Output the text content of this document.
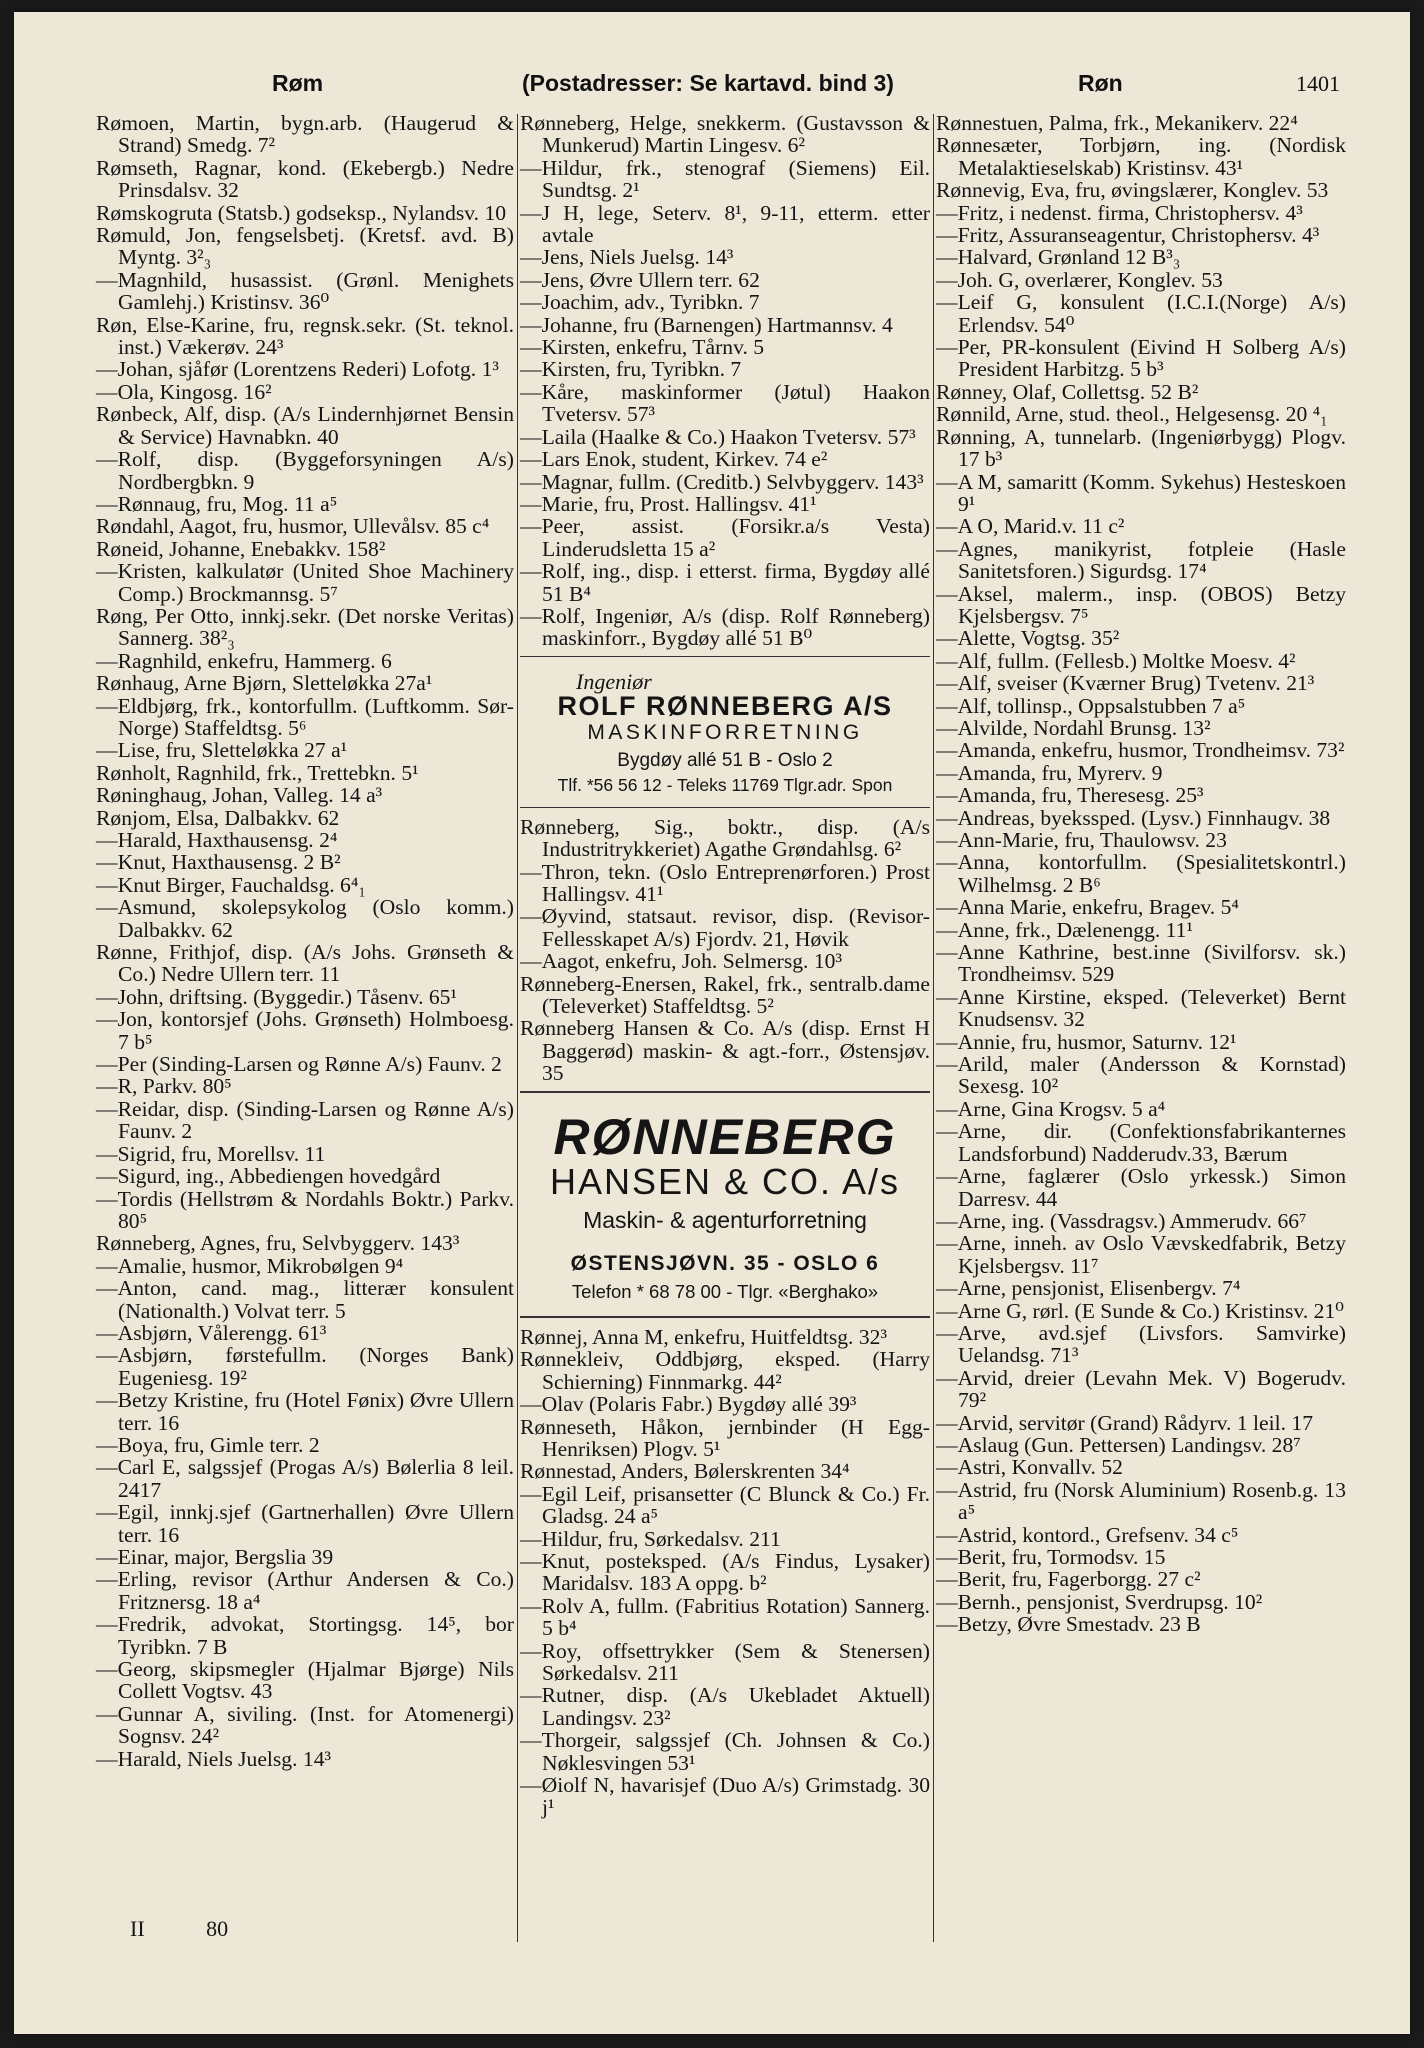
Røm	(Postadresser: Se kartavd. bind 3)	Røn	1401
Rømoen, Martin, bygn.arb. (Haugerud & Strand) Smedg. 7²
Rømseth, Ragnar, kond. (Ekebergb.) Nedre Prinsdalsv. 32
Rømskogruta (Statsb.) godseksp., Nylandsv. 10
Rømuld, Jon, fengselsbetj. (Kretsf. avd. B) Myntg. 3²₃
—Magnhild, husassist. (Grønl. Menighets Gamlehj.) Kristinsv. 36⁰
Røn, Else-Karine, fru, regnsk.sekr. (St. teknol. inst.) Vækerøv. 24³
—Johan, sjåfør (Lorentzens Rederi) Lofotg. 1³
—Ola, Kingosg. 16²
Rønbeck, Alf, disp. (A/s Lindernhjørnet Bensin & Service) Havnabkn. 40
—Rolf, disp. (Byggeforsyningen A/s) Nordbergbkn. 9
—Rønnaug, fru, Mog. 11 a⁵
Røndahl, Aagot, fru, husmor, Ullevålsv. 85 c⁴
Røneid, Johanne, Enebakkv. 158²
—Kristen, kalkulatør (United Shoe Machinery Comp.) Brockmannsg. 5⁷
Røng, Per Otto, innkj.sekr. (Det norske Veritas) Sannerg. 38²₃
—Ragnhild, enkefru, Hammerg. 6
Rønhaug, Arne Bjørn, Sletteløkka 27a¹
—Eldbjørg, frk., kontorfullm. (Luftkomm. Sør-Norge) Staffeldtsg. 5⁶
—Lise, fru, Sletteløkka 27 a¹
Rønholt, Ragnhild, frk., Trettebkn. 5¹
Røninghaug, Johan, Valleg. 14 a³
Rønjom, Elsa, Dalbakkv. 62
—Harald, Haxthausensg. 2⁴
—Knut, Haxthausensg. 2 B²
—Knut Birger, Fauchaldsg. 6⁴₁
—Asmund, skolepsykolog (Oslo komm.) Dalbakkv. 62
Rønne, Frithjof, disp. (A/s Johs. Grønseth & Co.) Nedre Ullern terr. 11
—John, driftsing. (Byggedir.) Tåsenv. 65¹
—Jon, kontorsjef (Johs. Grønseth) Holmboesg. 7 b⁵
—Per (Sinding-Larsen og Rønne A/s) Faunv. 2
—R, Parkv. 80⁵
—Reidar, disp. (Sinding-Larsen og Rønne A/s) Faunv. 2
—Sigrid, fru, Morellsv. 11
—Sigurd, ing., Abbediengen hovedgård
—Tordis (Hellstrøm & Nordahls Boktr.) Parkv. 80⁵
Rønneberg, Agnes, fru, Selvbyggerv. 143³
—Amalie, husmor, Mikrobølgen 9⁴
—Anton, cand. mag., litterær konsulent (Nationalth.) Volvat terr. 5
—Asbjørn, Vålerengg. 61³
—Asbjørn, førstefullm. (Norges Bank) Eugeniesg. 19²
—Betzy Kristine, fru (Hotel Fønix) Øvre Ullern terr. 16
—Boya, fru, Gimle terr. 2
—Carl E, salgssjef (Progas A/s) Bølerlia 8 leil. 2417
—Egil, innkj.sjef (Gartnerhallen) Øvre Ullern terr. 16
—Einar, major, Bergslia 39
—Erling, revisor (Arthur Andersen & Co.) Fritznersg. 18 a⁴
—Fredrik, advokat, Stortingsg. 14⁵, bor Tyribkn. 7 B
—Georg, skipsmegler (Hjalmar Bjørge) Nils Collett Vogtsv. 43
—Gunnar A, siviling. (Inst. for Atomenergi) Sognsv. 24²
—Harald, Niels Juelsg. 14³
II	80
Rønneberg, Helge, snekkerm. (Gustavsson & Munkerud) Martin Lingesv. 6²
—Hildur, frk., stenograf (Siemens) Eil. Sundtsg. 2¹
—J H, lege, Seterv. 8¹, 9-11, etterm. etter avtale
—Jens, Niels Juelsg. 14³
—Jens, Øvre Ullern terr. 62
—Joachim, adv., Tyribkn. 7
—Johanne, fru (Barnengen) Hartmannsv. 4
—Kirsten, enkefru, Tårnv. 5
—Kirsten, fru, Tyribkn. 7
—Kåre, maskinformer (Jøtul) Haakon Tvetersv. 57³
—Laila (Haalke & Co.) Haakon Tvetersv. 57³
—Lars Enok, student, Kirkev. 74 e²
—Magnar, fullm. (Creditb.) Selvbyggerv. 143³
—Marie, fru, Prost. Hallingsv. 41¹
—Peer, assist. (Forsikr.a/s Vesta) Linderudsletta 15 a²
—Rolf, ing., disp. i etterst. firma, Bygdøy allé 51 B⁴
—Rolf, Ingeniør, A/s (disp. Rolf Rønneberg) maskinforr., Bygdøy allé 51 B⁰
Ingeniør
ROLF RØNNEBERG A/S
MASKINFORRETNING
Bygdøy allé 51 B - Oslo 2
Tlf. *56 56 12 - Teleks 11769 Tlgr.adr. Spon
Rønneberg, Sig., boktr., disp. (A/s Industritrykkeriet) Agathe Grøndahlsg. 6²
—Thron, tekn. (Oslo Entreprenørforen.) Prost Hallingsv. 41¹
—Øyvind, statsaut. revisor, disp. (Revisor-Fellesskapet A/s) Fjordv. 21, Høvik
—Aagot, enkefru, Joh. Selmersg. 10³
Rønneberg-Enersen, Rakel, frk., sentralb.dame (Televerket) Staffeldtsg. 5²
Rønneberg Hansen & Co. A/s (disp. Ernst H Baggerød) maskin- & agt.-forr., Østensjøv. 35
RØNNEBERG
HANSEN & CO. A/s
Maskin- & agenturforretning
ØSTENSJØVN. 35 - OSLO 6
Telefon * 68 78 00 - Tlgr. «Berghako»
Rønnej, Anna M, enkefru, Huitfeldtsg. 32³
Rønnekleiv, Oddbjørg, eksped. (Harry Schierning) Finnmarkg. 44²
—Olav (Polaris Fabr.) Bygdøy allé 39³
Rønneseth, Håkon, jernbinder (H Egg-Henriksen) Plogv. 5¹
Rønnestad, Anders, Bølerskrenten 34⁴
—Egil Leif, prisansetter (C Blunck & Co.) Fr. Gladsg. 24 a⁵
—Hildur, fru, Sørkedalsv. 211
—Knut, posteksped. (A/s Findus, Lysaker) Maridalsv. 183 A oppg. b²
—Rolv A, fullm. (Fabritius Rotation) Sannerg. 5 b⁴
—Roy, offsettrykker (Sem & Stenersen) Sørkedalsv. 211
—Rutner, disp. (A/s Ukebladet Aktuell) Landingsv. 23²
—Thorgeir, salgssjef (Ch. Johnsen & Co.) Nøklesvingen 53¹
—Øiolf N, havarisjef (Duo A/s) Grimstadg. 30 j¹
Rønnestuen, Palma, frk., Mekanikerv. 22⁴
Rønnesæter, Torbjørn, ing. (Nordisk Metalaktieselskab) Kristinsv. 43¹
Rønnevig, Eva, fru, øvingslærer, Konglev. 53
—Fritz, i nedenst. firma, Christophersv. 4³
—Fritz, Assuranseagentur, Christophersv. 4³
—Halvard, Grønland 12 B³₃
—Joh. G, overlærer, Konglev. 53
—Leif G, konsulent (I.C.I.(Norge) A/s) Erlendsv. 54⁰
—Per, PR-konsulent (Eivind H Solberg A/s) President Harbitzg. 5 b³
Rønney, Olaf, Collettsg. 52 B²
Rønnild, Arne, stud. theol., Helgesensg. 20 ⁴₁
Rønning, A, tunnelarb. (Ingeniørbygg) Plogv. 17 b³
—A M, samaritt (Komm. Sykehus) Hesteskoen 9¹
—A O, Marid.v. 11 c²
—Agnes, manikyrist, fotpleie (Hasle Sanitetsforen.) Sigurdsg. 17⁴
—Aksel, malerm., insp. (OBOS) Betzy Kjelsbergsv. 7⁵
—Alette, Vogtsg. 35²
—Alf, fullm. (Fellesb.) Moltke Moesv. 4²
—Alf, sveiser (Kværner Brug) Tvetenv. 21³
—Alf, tollinsp., Oppsalstubben 7 a⁵
—Alvilde, Nordahl Brunsg. 13²
—Amanda, enkefru, husmor, Trondheimsv. 73²
—Amanda, fru, Myrerv. 9
—Amanda, fru, Theresesg. 25³
—Andreas, byekssped. (Lysv.) Finnhaugv. 38
—Ann-Marie, fru, Thaulowsv. 23
—Anna, kontorfullm. (Spesialitetskontrl.) Wilhelmsg. 2 B⁶
—Anna Marie, enkefru, Bragev. 5⁴
—Anne, frk., Dælenengg. 11¹
—Anne Kathrine, best.inne (Sivilforsv. sk.) Trondheimsv. 529
—Anne Kirstine, eksped. (Televerket) Bernt Knudsensv. 32
—Annie, fru, husmor, Saturnv. 12¹
—Arild, maler (Andersson & Kornstad) Sexesg. 10²
—Arne, Gina Krogsv. 5 a⁴
—Arne, dir. (Confektionsfabrikanternes Landsforbund) Nadderudv.33, Bærum
—Arne, faglærer (Oslo yrkessk.) Simon Darresv. 44
—Arne, ing. (Vassdragsv.) Ammerudv. 66⁷
—Arne, inneh. av Oslo Vævskedfabrik, Betzy Kjelsbergsv. 11⁷
—Arne, pensjonist, Elisenbergv. 7⁴
—Arne G, rørl. (E Sunde & Co.) Kristinsv. 21⁰
—Arve, avd.sjef (Livsfors. Samvirke) Uelandsg. 71³
—Arvid, dreier (Levahn Mek. V) Bogerudv. 79²
—Arvid, servitør (Grand) Rådyrv. 1 leil. 17
—Aslaug (Gun. Pettersen) Landingsv. 28⁷
—Astri, Konvallv. 52
—Astrid, fru (Norsk Aluminium) Rosenb.g. 13 a⁵
—Astrid, kontord., Grefsenv. 34 c⁵
—Berit, fru, Tormodsv. 15
—Berit, fru, Fagerborgg. 27 c²
—Bernh., pensjonist, Sverdrupsg. 10²
—Betzy, Øvre Smestadv. 23 B
